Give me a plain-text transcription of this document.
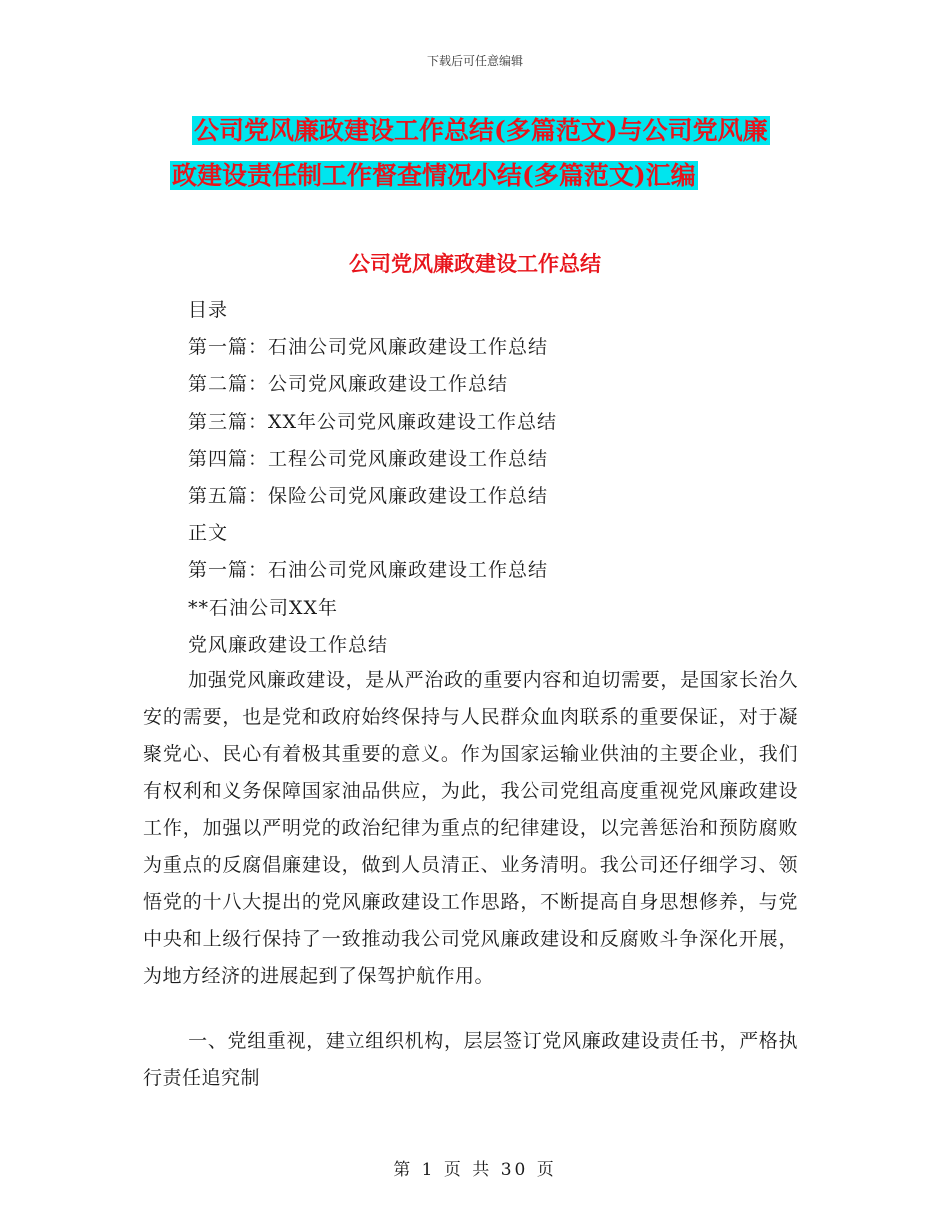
下载后可任意编辑
公司党风廉政建设工作总结(多篇范文)与公司党风廉
政建设责任制工作督查情况小结(多篇范文)汇编
公司党风廉政建设工作总结
目录
第一篇：石油公司党风廉政建设工作总结
第二篇：公司党风廉政建设工作总结
第三篇：XX年公司党风廉政建设工作总结
第四篇：工程公司党风廉政建设工作总结
第五篇：保险公司党风廉政建设工作总结
正文
第一篇：石油公司党风廉政建设工作总结
**石油公司XX年
党风廉政建设工作总结

加强党风廉政建设，是从严治政的重要内容和迫切需要，是国家长治久安的需要，也是党和政府始终保持与人民群众血肉联系的重要保证，对于凝聚党心、民心有着极其重要的意义。作为国家运输业供油的主要企业，我们有权利和义务保障国家油品供应，为此，我公司党组高度重视党风廉政建设工作，加强以严明党的政治纪律为重点的纪律建设，以完善惩治和预防腐败为重点的反腐倡廉建设，做到人员清正、业务清明。我公司还仔细学习、领悟党的十八大提出的党风廉政建设工作思路，不断提高自身思想修养，与党中央和上级行保持了一致推动我公司党风廉政建设和反腐败斗争深化开展，为地方经济的进展起到了保驾护航作用。

一、党组重视，建立组织机构，层层签订党风廉政建设责任书，严格执行责任追究制

第 1 页 共 30 页
